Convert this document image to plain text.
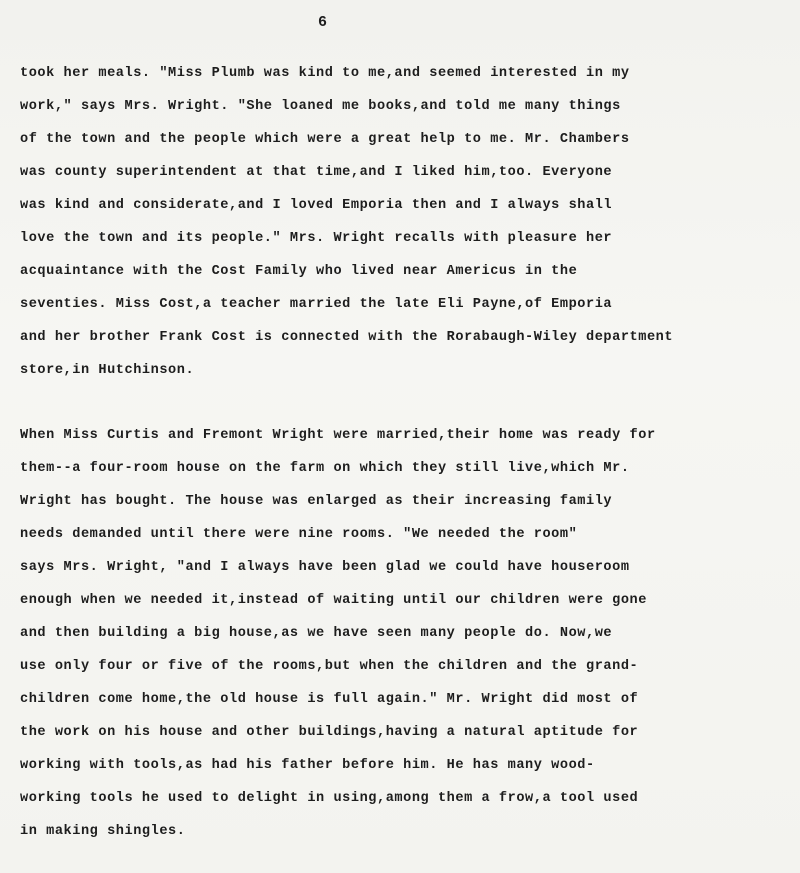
6
took her meals. "Miss Plumb was kind to me,and seemed interested in my
work," says Mrs. Wright. "She loaned me books,and told me many things
of the town and the people which were a great help to me. Mr. Chambers
was county superintendent at that time,and I liked him,too. Everyone
was kind and considerate,and I loved Emporia then and I always shall
love the town and its people." Mrs. Wright recalls with pleasure her
acquaintance with the Cost Family who lived near Americus in the
seventies. Miss Cost,a teacher married the late Eli Payne,of Emporia
and her brother Frank Cost is connected with the Rorabaugh-Wiley department
store,in Hutchinson.
When Miss Curtis and Fremont Wright were married,their home was ready for
them--a four-room house on the farm on which they still live,which Mr.
Wright has bought. The house was enlarged as their increasing family
needs demanded until there were nine rooms. "We needed the room"
says Mrs. Wright, "and I always have been glad we could have houseroom
enough when we needed it,instead of waiting until our children were gone
and then building a big house,as we have seen many people do. Now,we
use only four or five of the rooms,but when the children and the grand-
children come home,the old house is full again." Mr. Wright did most of
the work on his house and other buildings,having a natural aptitude for
working with tools,as had his father before him. He has many wood-
working tools he used to delight in using,among them a frow,a tool used
in making shingles.
